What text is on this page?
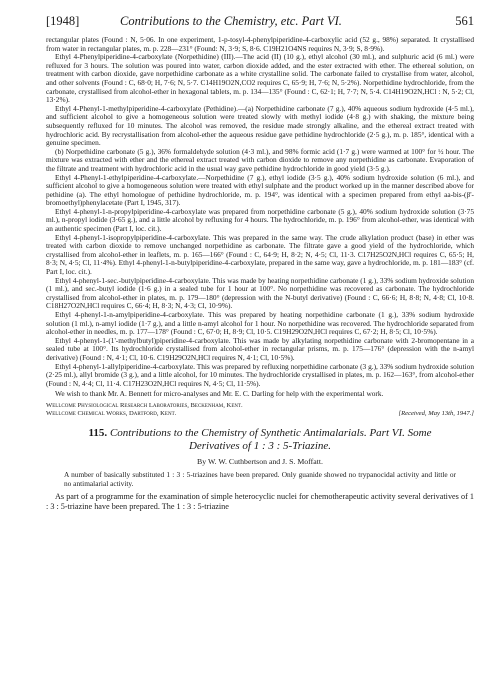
[1948]	Contributions to the Chemistry, etc. Part VI.	561

rectangular plates (Found : N, 5·06. In one experiment, 1-p-tosyl-4-phenylpiperidine-4-carboxylic acid (52 g., 98%) separated. It crystallised from water in rectangular plates, m. p. 228—231° (Found: N, 3·9; S, 8·6. C19H21O4NS requires N, 3·9; S, 8·9%).

Ethyl 4-Phenylpiperidine-4-carboxylate (Norpethidine) (III).—The acid (II) (10 g.), ethyl alcohol (30 ml.), and sulphuric acid (6 ml.) were refluxed for 3 hours. The solution was poured into water, carbon dioxide added, and the ester extracted with ether. The ethereal solution, on treatment with carbon dioxide, gave norpethidine carbonate as a white crystalline solid. The carbonate failed to crystallise from water, alcohol, and other solvents (Found : C, 68·0; H, 7·6; N, 5·7. C14H19O2N,CO2 requires C, 65·9; H, 7·6; N, 5·2%). Norpethidine hydrochloride, from the carbonate, crystallised from alcohol-ether in hexagonal tablets, m. p. 134—135° (Found : C, 62·1; H, 7·7; N, 5·4. C14H19O2N,HCl : N, 5·2; Cl, 13·2%).

Ethyl 4-Phenyl-1-methylpiperidine-4-carboxylate (Pethidine).—(a) Norpethidine carbonate (7 g.), 40% aqueous sodium hydroxide (4·5 ml.), and sufficient alcohol to give a homogeneous solution were treated slowly with methyl iodide (4·8 g.) with shaking, the mixture being subsequently refluxed for 10 minutes. The alcohol was removed, the residue made strongly alkaline, and the ethereal extract treated with hydrochloric acid. By recrystallisation from alcohol-ether the aqueous residue gave pethidine hydrochloride (2·5 g.), m. p. 185°, identical with a genuine specimen.

(b) Norpethidine carbonate (5 g.), 36% formaldehyde solution (4·3 ml.), and 98% formic acid (1·7 g.) were warmed at 100° for ½ hour. The mixture was extracted with ether and the ethereal extract treated with carbon dioxide to remove any norpethidine as carbonate. Evaporation of the filtrate and treatment with hydrochloric acid in the usual way gave pethidine hydrochloride in good yield (3·5 g.).

Ethyl 4-Phenyl-1-ethylpiperidine-4-carboxylate.—Norpethidine (7 g.), ethyl iodide (3·5 g.), 40% sodium hydroxide solution (6 ml.), and sufficient alcohol to give a homogeneous solution were treated with ethyl sulphate and the product worked up in the manner described above for pethidine (a). The ethyl homologue of pethidine hydrochloride, m. p. 194°, was identical with a specimen prepared from ethyl aa-bis-(β'-bromoethyl)phenylacetate (Part I, 1945, 317).

Ethyl 4-phenyl-1-n-propylpiperidine-4-carboxylate was prepared from norpethidine carbonate (5 g.), 40% sodium hydroxide solution (3·75 ml.), n-propyl iodide (3·65 g.), and a little alcohol by refluxing for 4 hours. The hydrochloride, m. p. 196° from alcohol-ether, was identical with an authentic specimen (Part I, loc. cit.).

Ethyl 4-phenyl-1-isopropylpiperidine-4-carboxylate. This was prepared in the same way. The crude alkylation product (base) in ether was treated with carbon dioxide to remove unchanged norpethidine as carbonate. The filtrate gave a good yield of the hydrochloride, which crystallised from alcohol-ether in leaflets, m. p. 165—166° (Found : C, 64·9; H, 8·2; N, 4·5; Cl, 11·3. C17H25O2N,HCl requires C, 65·5; H, 8·3; N, 4·5; Cl, 11·4%). Ethyl 4-phenyl-1-n-butylpiperidine-4-carboxylate, prepared in the same way, gave a hydrochloride, m. p. 181—183° (cf. Part I, loc. cit.).

Ethyl 4-phenyl-1-sec.-butylpiperidine-4-carboxylate. This was made by heating norpethidine carbonate (1 g.), 33% sodium hydroxide solution (1 ml.), and sec.-butyl iodide (1·6 g.) in a sealed tube for 1 hour at 100°. No norpethidine was recovered as carbonate. The hydrochloride crystallised from alcohol-ether in plates, m. p. 179—180° (depression with the N-butyl derivative) (Found : C, 66·6; H, 8·8; N, 4·8; Cl, 10·8. C18H27O2N,HCl requires C, 66·4; H, 8·3; N, 4·3; Cl, 10·9%).

Ethyl 4-phenyl-1-n-amylpiperidine-4-carboxylate. This was prepared by heating norpethidine carbonate (1 g.), 33% sodium hydroxide solution (1 ml.), n-amyl iodide (1·7 g.), and a little n-amyl alcohol for 1 hour. No norpethidine was recovered. The hydrochloride separated from alcohol-ether in needles, m. p. 177—178° (Found : C, 67·0; H, 8·9; Cl, 10·5. C19H29O2N,HCl requires C, 67·2; H, 8·5; Cl, 10·5%).

Ethyl 4-phenyl-1-(1'-methylbutyl)piperidine-4-carboxylate. This was made by alkylating norpethidine carbonate with 2-bromopentane in a sealed tube at 100°. Its hydrochloride crystallised from alcohol-ether in rectangular prisms, m. p. 175—176° (depression with the n-amyl derivative) (Found : N, 4·1; Cl, 10·6. C19H29O2N,HCl requires N, 4·1; Cl, 10·5%).

Ethyl 4-phenyl-1-allylpiperidine-4-carboxylate. This was prepared by refluxing norpethidine carbonate (3 g.), 33% sodium hydroxide solution (2·25 ml.), allyl bromide (3 g.), and a little alcohol, for 10 minutes. The hydrochloride crystallised in plates, m. p. 162—163°, from alcohol-ether (Found : N, 4·4; Cl, 11·4. C17H23O2N,HCl requires N, 4·5; Cl, 11·5%).

We wish to thank Mr. A. Bennett for micro-analyses and Mr. E. C. Darling for help with the experimental work.

Wellcome Physiological Research Laboratories, Beckenham, Kent.
Wellcome Chemical Works, Dartford, Kent.	[Received, May 13th, 1947.]
115. Contributions to the Chemistry of Synthetic Antimalarials. Part VI. Some Derivatives of 1 : 3 : 5-Triazine.
By W. W. Cuthbertson and J. S. Moffatt.
A number of basically substituted 1 : 3 : 5-triazines have been prepared. Only guanide showed no trypanocidal activity and little or no antimalarial activity.

As part of a programme for the examination of simple heterocyclic nuclei for chemotherapeutic activity several derivatives of 1 : 3 : 5-triazine have been prepared. The 1 : 3 : 5-triazine
